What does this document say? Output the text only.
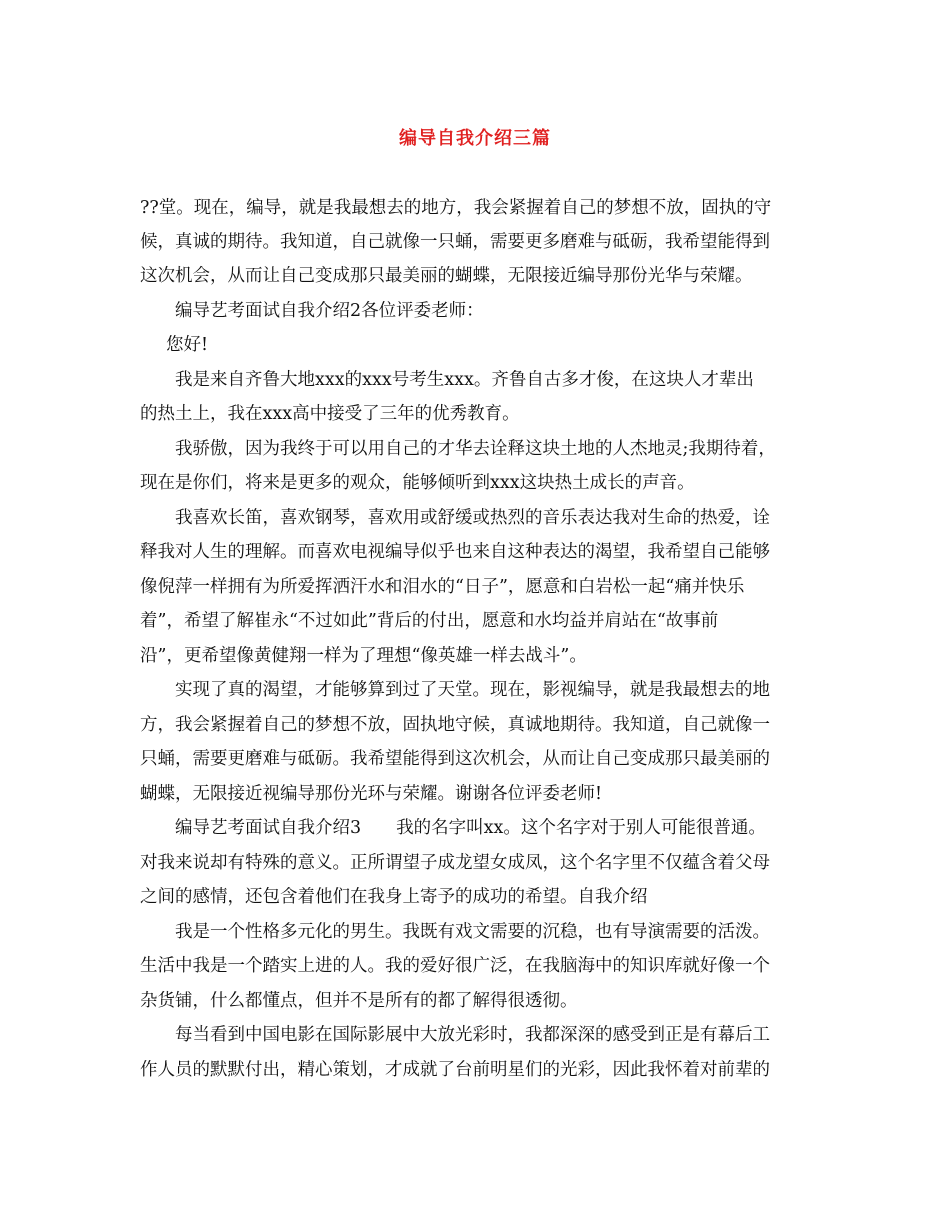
编导自我介绍三篇
??堂。现在，编导，就是我最想去的地方，我会紧握着自己的梦想不放，固执的守
候，真诚的期待。我知道，自己就像一只蛹，需要更多磨难与砥砺，我希望能得到
这次机会，从而让自己变成那只最美丽的蝴蝶，无限接近编导那份光华与荣耀。
编导艺考面试自我介绍2各位评委老师：
您好!
我是来自齐鲁大地xxx的xxx号考生xxx。齐鲁自古多才俊，在这块人才辈出
的热土上，我在xxx高中接受了三年的优秀教育。
我骄傲，因为我终于可以用自己的才华去诠释这块土地的人杰地灵;我期待着，
现在是你们，将来是更多的观众，能够倾听到xxx这块热土成长的声音。
我喜欢长笛，喜欢钢琴，喜欢用或舒缓或热烈的音乐表达我对生命的热爱，诠
释我对人生的理解。而喜欢电视编导似乎也来自这种表达的渴望，我希望自己能够
像倪萍一样拥有为所爱挥洒汗水和泪水的“日子”，愿意和白岩松一起“痛并快乐
着”，希望了解崔永“不过如此”背后的付出，愿意和水均益并肩站在“故事前
沿”，更希望像黄健翔一样为了理想“像英雄一样去战斗”。
实现了真的渴望，才能够算到过了天堂。现在，影视编导，就是我最想去的地
方，我会紧握着自己的梦想不放，固执地守候，真诚地期待。我知道，自己就像一
只蛹，需要更磨难与砥砺。我希望能得到这次机会，从而让自己变成那只最美丽的
蝴蝶，无限接近视编导那份光环与荣耀。谢谢各位评委老师!
编导艺考面试自我介绍3　　我的名字叫xx。这个名字对于别人可能很普通。
对我来说却有特殊的意义。正所谓望子成龙望女成凤，这个名字里不仅蕴含着父母
之间的感情，还包含着他们在我身上寄予的成功的希望。自我介绍
我是一个性格多元化的男生。我既有戏文需要的沉稳，也有导演需要的活泼。
生活中我是一个踏实上进的人。我的爱好很广泛，在我脑海中的知识库就好像一个
杂货铺，什么都懂点，但并不是所有的都了解得很透彻。
每当看到中国电影在国际影展中大放光彩时，我都深深的感受到正是有幕后工
作人员的默默付出，精心策划，才成就了台前明星们的光彩，因此我怀着对前辈的
